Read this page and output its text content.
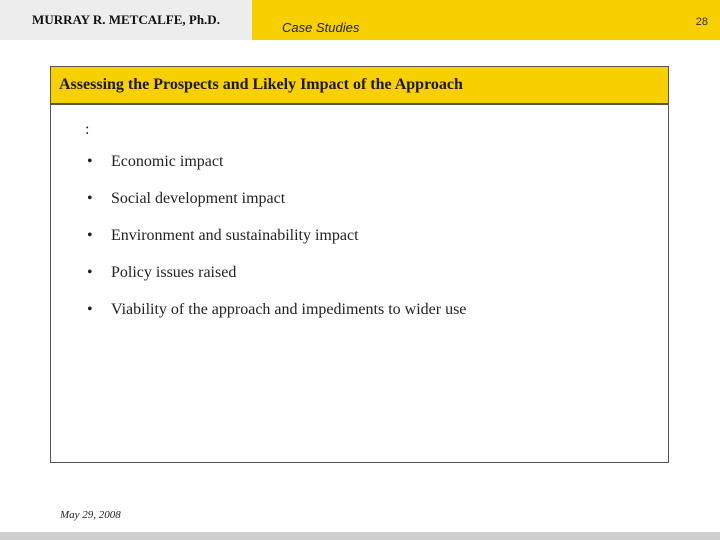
MURRAY R. METCALFE, Ph.D.
Case Studies	28
Assessing the Prospects and Likely Impact of the Approach
:
•	Economic impact
•	Social development impact
•	Environment and sustainability impact
•	Policy issues raised
•	Viability of the approach and impediments to wider use
May 29, 2008
